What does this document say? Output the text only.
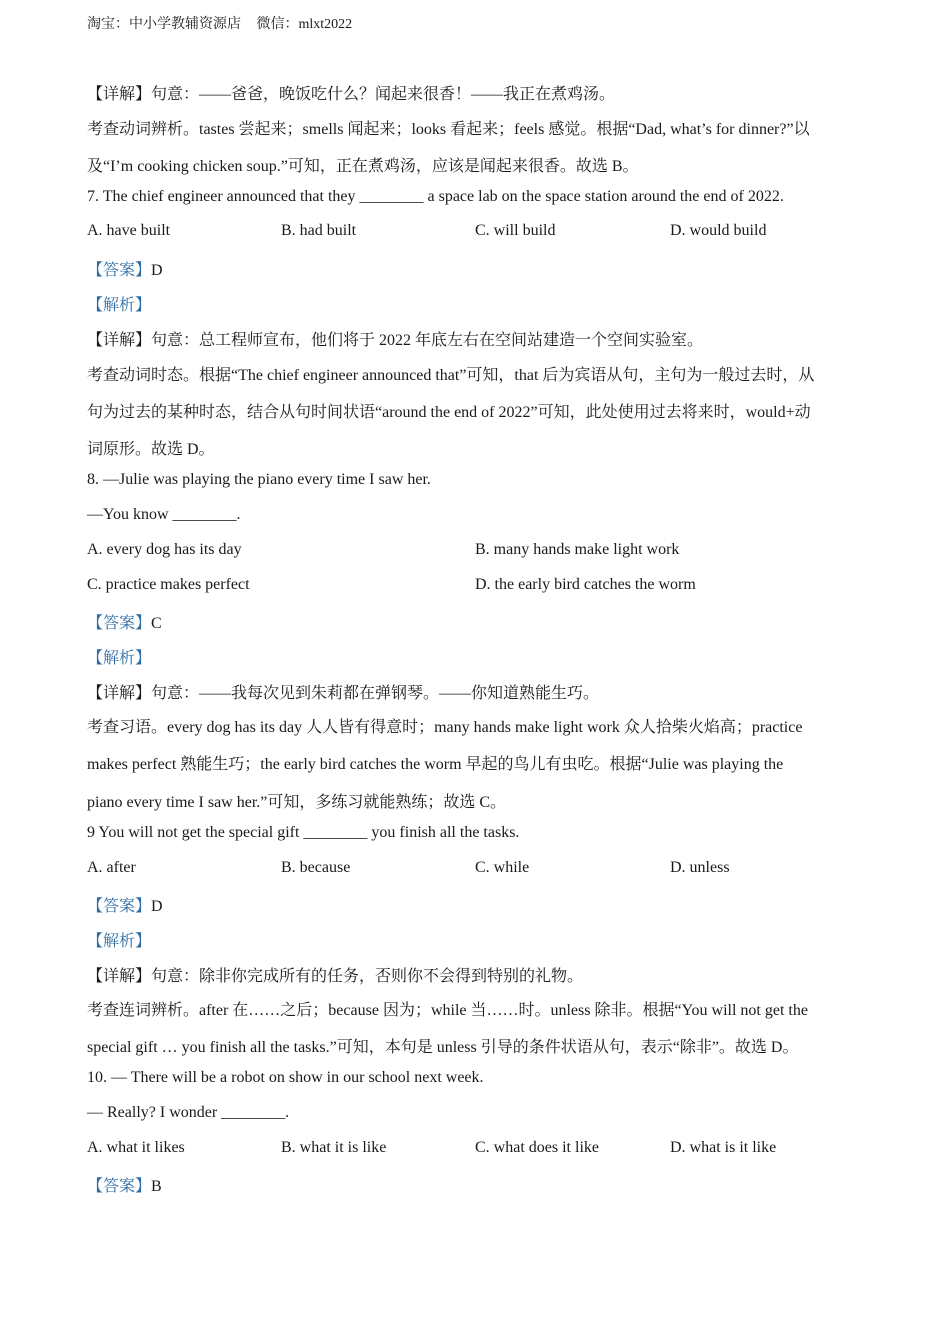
淘宝：中小学教辅资源店 微信：mlxt2022
【详解】句意：——爸爸，晚饭吃什么？闻起来很香！——我正在煮鸡汤。
考查动词辨析。tastes 尝起来；smells 闻起来；looks 看起来；feels 感觉。根据“Dad, what’s for dinner?”以
及“I’m cooking chicken soup.”可知，正在煮鸡汤，应该是闻起来很香。故选 B。
7. The chief engineer announced that they ________ a space lab on the space station around the end of 2022.
A. have built	B. had built	C. will build	D. would build
【答案】D
【解析】
【详解】句意：总工程师宣布，他们将于 2022 年底左右在空间站建造一个空间实验室。
考查动词时态。根据“The chief engineer announced that”可知，that 后为宾语从句，主句为一般过去时，从
句为过去的某种时态，结合从句时间状语“around the end of 2022”可知，此处使用过去将来时，would+动
词原形。故选 D。
8. —Julie was playing the piano every time I saw her.
—You know ________.
A. every dog has its day	B. many hands make light work
C. practice makes perfect	D. the early bird catches the worm
【答案】C
【解析】
【详解】句意：——我每次见到朱莉都在弹钢琴。——你知道熟能生巧。
考查习语。every dog has its day 人人皆有得意时；many hands make light work 众人拾柴火焰高；practice
makes perfect 熟能生巧；the early bird catches the worm 早起的鸟儿有虫吃。根据“Julie was playing the
piano every time I saw her.”可知，多练习就能熟练；故选 C。
9 You will not get the special gift ________ you finish all the tasks.
A. after	B. because	C. while	D. unless
【答案】D
【解析】
【详解】句意：除非你完成所有的任务，否则你不会得到特别的礼物。
考查连词辨析。after 在……之后；because 因为；while 当……时。unless 除非。根据“You will not get the
special gift … you finish all the tasks.”可知，本句是 unless 引导的条件状语从句，表示“除非”。故选 D。
10. — There will be a robot on show in our school next week.
— Really? I wonder ________.
A. what it likes	B. what it is like	C. what does it like	D. what is it like
【答案】B
